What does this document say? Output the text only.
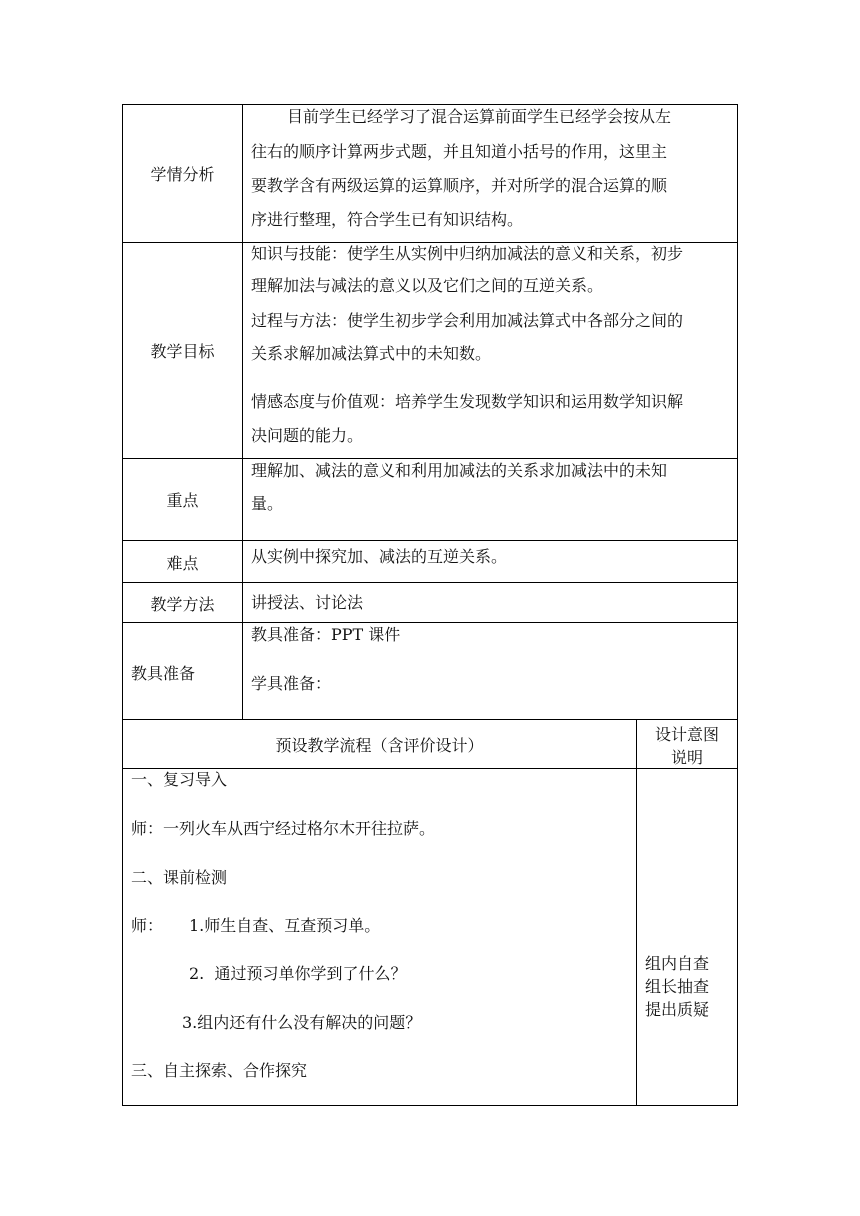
学情分析
目前学生已经学习了混合运算前面学生已经学会按从左
往右的顺序计算两步式题，并且知道小括号的作用，这里主
要教学含有两级运算的运算顺序，并对所学的混合运算的顺
序进行整理，符合学生已有知识结构。
教学目标
知识与技能：使学生从实例中归纳加减法的意义和关系，初步
理解加法与减法的意义以及它们之间的互逆关系。
过程与方法：使学生初步学会利用加减法算式中各部分之间的
关系求解加减法算式中的未知数。
情感态度与价值观：培养学生发现数学知识和运用数学知识解
决问题的能力。
重点
理解加、减法的意义和利用加减法的关系求加减法中的未知
量。
难点	从实例中探究加、减法的互逆关系。
教学方法	讲授法、讨论法
教具准备
教具准备：PPT 课件
学具准备：
预设教学流程（含评价设计）
设计意图
说明
一、复习导入
师：一列火车从西宁经过格尔木开往拉萨。
二、课前检测
师： 1.师生自查、互查预习单。
2.  通过预习单你学到了什么？
3.组内还有什么没有解决的问题？
三、自主探索、合作探究
组内自查
组长抽查
提出质疑
